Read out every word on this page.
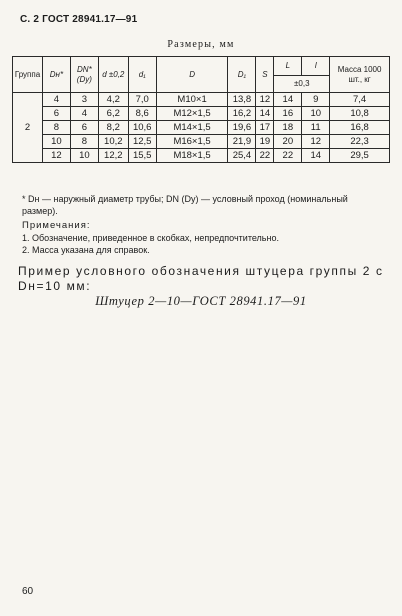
С. 2 ГОСТ 28941.17—91
Размеры, мм
Группа	Dн*	DN* (Dy)	d ±0,2	d₁	D	D₁	S	L	l	Масса 1000 шт., кг
								±0,3		
2	4	3	4,2	7,0	M10×1	13,8	12	14	9	7,4
	6	4	6,2	8,6	M12×1,5	16,2	14	16	10	10,8
	8	6	8,2	10,6	M14×1,5	19,6	17	18	11	16,8
	10	8	10,2	12,5	M16×1,5	21,9	19	20	12	22,3
	12	10	12,2	15,5	M18×1,5	25,4	22	22	14	29,5
* Dн — наружный диаметр трубы; DN (Dу) — условный проход (номинальный размер).
Примечания:
1. Обозначение, приведенное в скобках, непредпочтительно.
2. Масса указана для справок.
Пример условного обозначения штуцера группы 2 с Dн=10 мм:
Штуцер 2—10—ГОСТ 28941.17—91
60
